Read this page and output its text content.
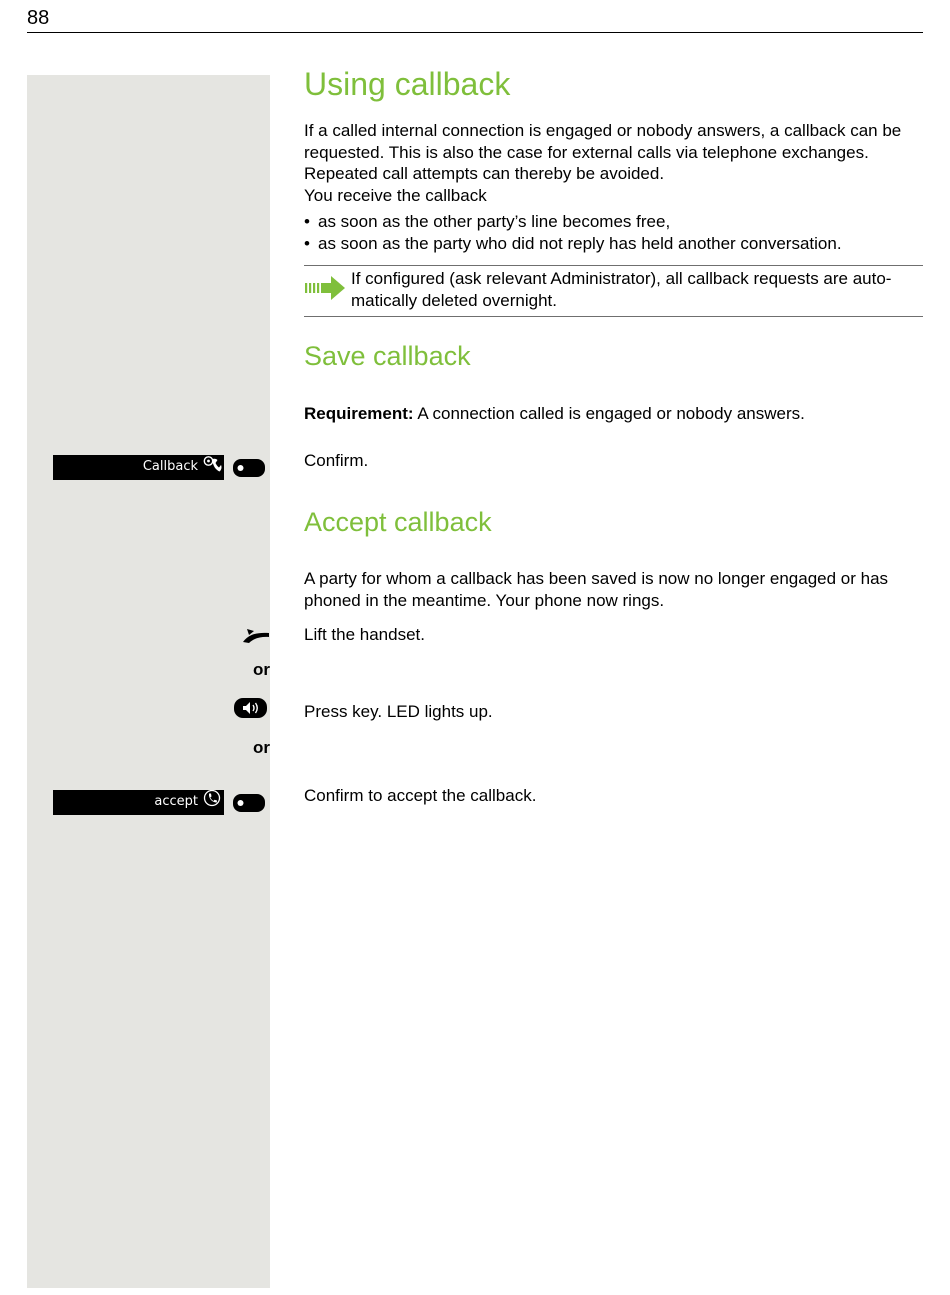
88
Using callback
If a called internal connection is engaged or nobody answers, a callback can be
requested. This is also the case for external calls via telephone exchanges.
Repeated call attempts can thereby be avoided.
You receive the callback
• as soon as the other party’s line becomes free,
• as soon as the party who did not reply has held another conversation.
If configured (ask relevant Administrator), all callback requests are auto-
matically deleted overnight.
Save callback
Requirement: A connection called is engaged or nobody answers.
Callback	Confirm.
Accept callback
A party for whom a callback has been saved is now no longer engaged or has
phoned in the meantime. Your phone now rings.
Lift the handset.
or
Press key. LED lights up.
or
accept	Confirm to accept the callback.
